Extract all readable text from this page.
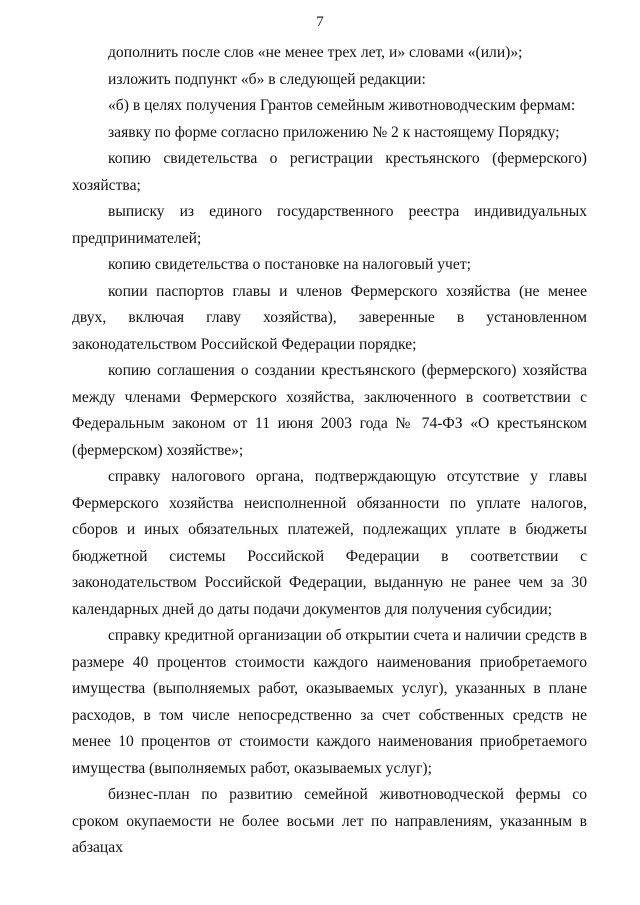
7

дополнить после слов «не менее трех лет, и» словами «(или)»;

изложить подпункт «б» в следующей редакции:

«б) в целях получения Грантов семейным животноводческим фермам:

заявку по форме согласно приложению № 2 к настоящему Порядку;

копию свидетельства о регистрации крестьянского (фермерского) хозяйства;

выписку из единого государственного реестра индивидуальных предпринимателей;

копию свидетельства о постановке на налоговый учет;

копии паспортов главы и членов Фермерского хозяйства (не менее двух, включая главу хозяйства), заверенные в установленном законодательством Российской Федерации порядке;

копию соглашения о создании крестьянского (фермерского) хозяйства между членами Фермерского хозяйства, заключенного в соответствии с Федеральным законом от 11 июня 2003 года № 74-ФЗ «О крестьянском (фермерском) хозяйстве»;

справку налогового органа, подтверждающую отсутствие у главы Фермерского хозяйства неисполненной обязанности по уплате налогов, сборов и иных обязательных платежей, подлежащих уплате в бюджеты бюджетной системы Российской Федерации в соответствии с законодательством Российской Федерации, выданную не ранее чем за 30 календарных дней до даты подачи документов для получения субсидии;

справку кредитной организации об открытии счета и наличии средств в размере 40 процентов стоимости каждого наименования приобретаемого имущества (выполняемых работ, оказываемых услуг), указанных в плане расходов, в том числе непосредственно за счет собственных средств не менее 10 процентов от стоимости каждого наименования приобретаемого имущества (выполняемых работ, оказываемых услуг);

бизнес-план по развитию семейной животноводческой фермы со сроком окупаемости не более восьми лет по направлениям, указанным в абзацах
